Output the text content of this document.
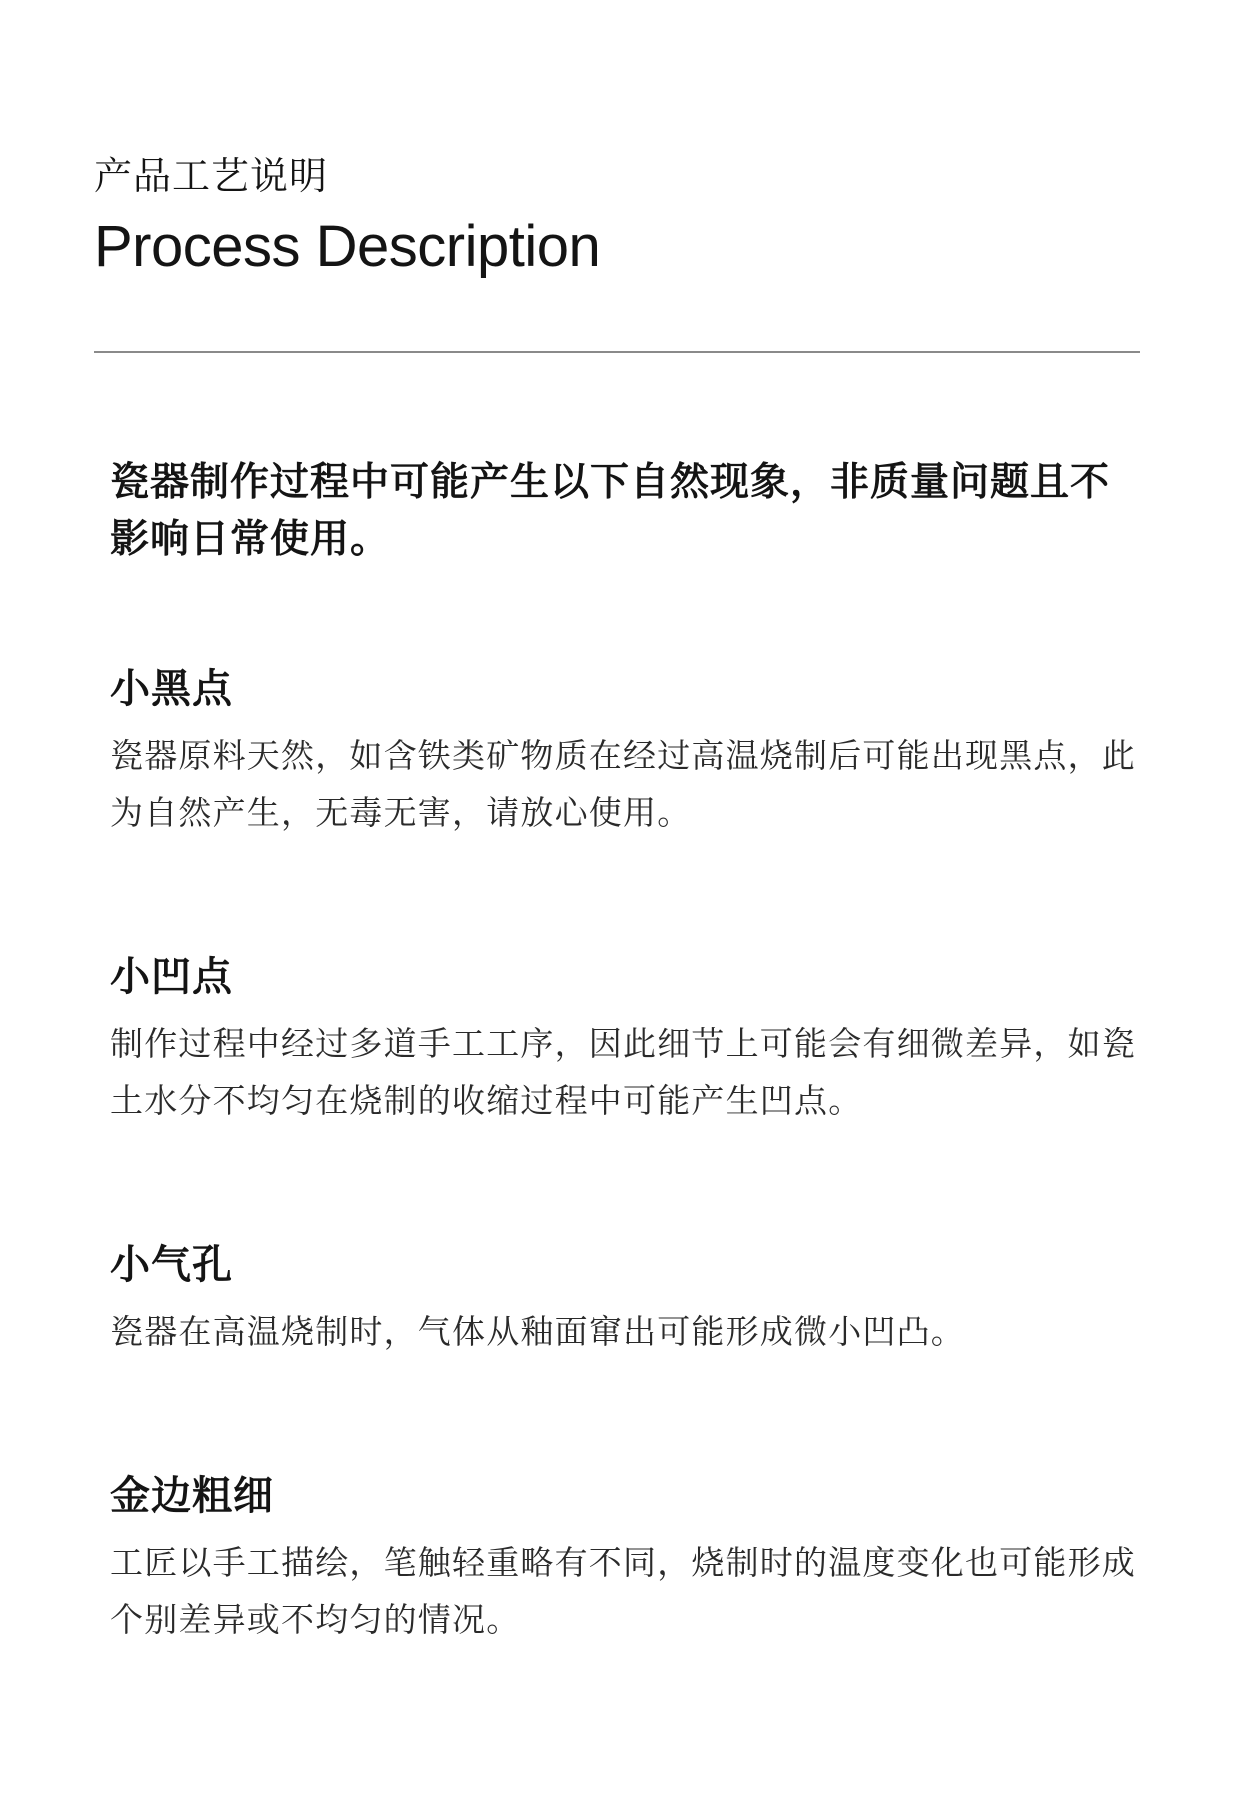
产品工艺说明
Process Description
瓷器制作过程中可能产生以下自然现象，非质量问题且不影响日常使用。
小黑点
瓷器原料天然，如含铁类矿物质在经过高温烧制后可能出现黑点，此为自然产生，无毒无害，请放心使用。
小凹点
制作过程中经过多道手工工序，因此细节上可能会有细微差异，如瓷土水分不均匀在烧制的收缩过程中可能产生凹点。
小气孔
瓷器在高温烧制时，气体从釉面窜出可能形成微小凹凸。
金边粗细
工匠以手工描绘，笔触轻重略有不同，烧制时的温度变化也可能形成个别差异或不均匀的情况。
